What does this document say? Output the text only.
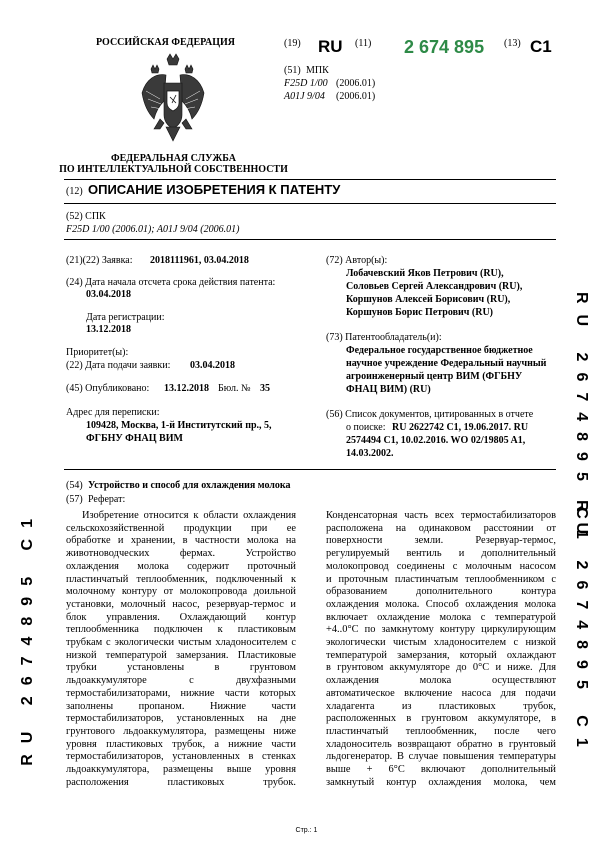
РОССИЙСКАЯ ФЕДЕРАЦИЯ
ФЕДЕРАЛЬНАЯ СЛУЖБА
ПО ИНТЕЛЛЕКТУАЛЬНОЙ СОБСТВЕННОСТИ
(19) RU (11) 2 674 895 (13) C1
(51) МПК
F25D 1/00 (2006.01)
A01J 9/04 (2006.01)
(12) ОПИСАНИЕ ИЗОБРЕТЕНИЯ К ПАТЕНТУ
(52) СПК
F25D 1/00 (2006.01); A01J 9/04 (2006.01)
(21)(22) Заявка: 2018111961, 03.04.2018
(24) Дата начала отсчета срока действия патента:
03.04.2018
Дата регистрации:
13.12.2018
Приоритет(ы):
(22) Дата подачи заявки: 03.04.2018
(45) Опубликовано: 13.12.2018 Бюл. № 35
Адрес для переписки:
109428, Москва, 1-й Институтский пр., 5,
ФГБНУ ФНАЦ ВИМ
(72) Автор(ы):
Лобачевский Яков Петрович (RU),
Соловьев Сергей Александрович (RU),
Коршунов Алексей Борисович (RU),
Коршунов Борис Петрович (RU)
(73) Патентообладатель(и):
Федеральное государственное бюджетное
научное учреждение Федеральный научный
агроинженерный центр ВИМ (ФГБНУ
ФНАЦ ВИМ) (RU)
(56) Список документов, цитированных в отчете
о поиске: RU 2622742 C1, 19.06.2017. RU
2574494 C1, 10.02.2016. WO 02/19805 A1,
14.03.2002.
(54) Устройство и способ для охлаждения молока
(57) Реферат:
Изобретение относится к области охлаждения
сельскохозяйственной продукции при ее
обработке и хранении, в частности молока на
животноводческих фермах. Устройство
охлаждения молока содержит проточный
пластинчатый теплообменник, подключенный к
молочному контуру от молокопровода доильной
установки, молочный насос, резервуар-термос и
блок управления. Охлаждающий контур
теплообменника подключен к пластиковым
трубкам с экологически чистым хладоносителем с
низкой температурой замерзания. Пластиковые
трубки установлены в грунтовом
льдоаккумуляторе с двухфазными
термостабилизаторами, нижние части которых
заполнены пропаном. Нижние части
термостабилизаторов, установленных на дне
грунтового льдоаккумулятора, размещены ниже
уровня пластиковых трубок, а нижние части
термостабилизаторов, установленных в стенках
льдоаккумулятора, размещены выше уровня
расположения пластиковых трубок.
Конденсаторная часть всех термостабилизаторов
расположена на одинаковом расстоянии от
поверхности земли. Резервуар-термос,
регулируемый вентиль и дополнительный
молокопровод соединены с молочным насосом
и проточным пластинчатым теплообменником с
образованием дополнительного контура
охлаждения молока. Способ охлаждения молока
включает охлаждение молока с температурой
+4..0°C по замкнутому контуру циркулирующим
экологически чистым хладоносителем с низкой
температурой замерзания, который охлаждают
в грунтовом аккумуляторе до 0°C и ниже. Для
охлаждения молока осуществляют
автоматическое включение насоса для подачи
хладагента из пластиковых трубок,
расположенных в грунтовом аккумуляторе, в
пластинчатый теплообменник, после чего
хладоноситель возвращают обратно в грунтовый
льдогенератор. В случае повышения температуры
выше + 6°C включают дополнительный
замкнутый контур охлаждения молока, чем
RU 2674895 C1
RU 2674895 C1
RU 2674895 C1
Стр.: 1
